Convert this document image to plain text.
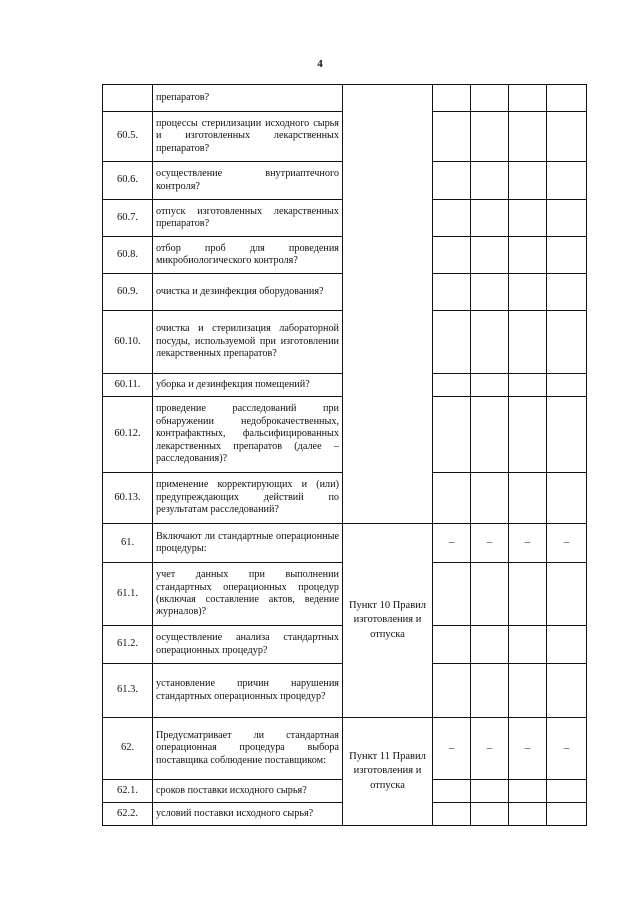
4
	препаратов?					
60.5.	процессы стерилизации исходного сырья и изготовленных лекарственных препаратов?					
60.6.	осуществление внутриаптечного контроля?					
60.7.	отпуск изготовленных лекарственных препаратов?					
60.8.	отбор проб для проведения микробиологического контроля?					
60.9.	очистка и дезинфекция оборудования?					
60.10.	очистка и стерилизация лабораторной посуды, используемой при изготовлении лекарственных препаратов?					
60.11.	уборка и дезинфекция помещений?					
60.12.	проведение расследований при обнаружении недоброкачественных, контрафактных, фальсифицированных лекарственных препаратов (далее – расследования)?					
60.13.	применение корректирующих и (или) предупреждающих действий по результатам расследований?					
61.	Включают ли стандартные операционные процедуры:	Пункт 10 Правил изготовления и отпуска	–	–	–	–
61.1.	учет данных при выполнении стандартных операционных процедур (включая составление актов, ведение журналов)?					
61.2.	осуществление анализа стандартных операционных процедур?					
61.3.	установление причин нарушения стандартных операционных процедур?					
62.	Предусматривает ли стандартная операционная процедура выбора поставщика соблюдение поставщиком:	Пункт 11 Правил изготовления и отпуска	–	–	–	–
62.1.	сроков поставки исходного сырья?					
62.2.	условий поставки исходного сырья?					
